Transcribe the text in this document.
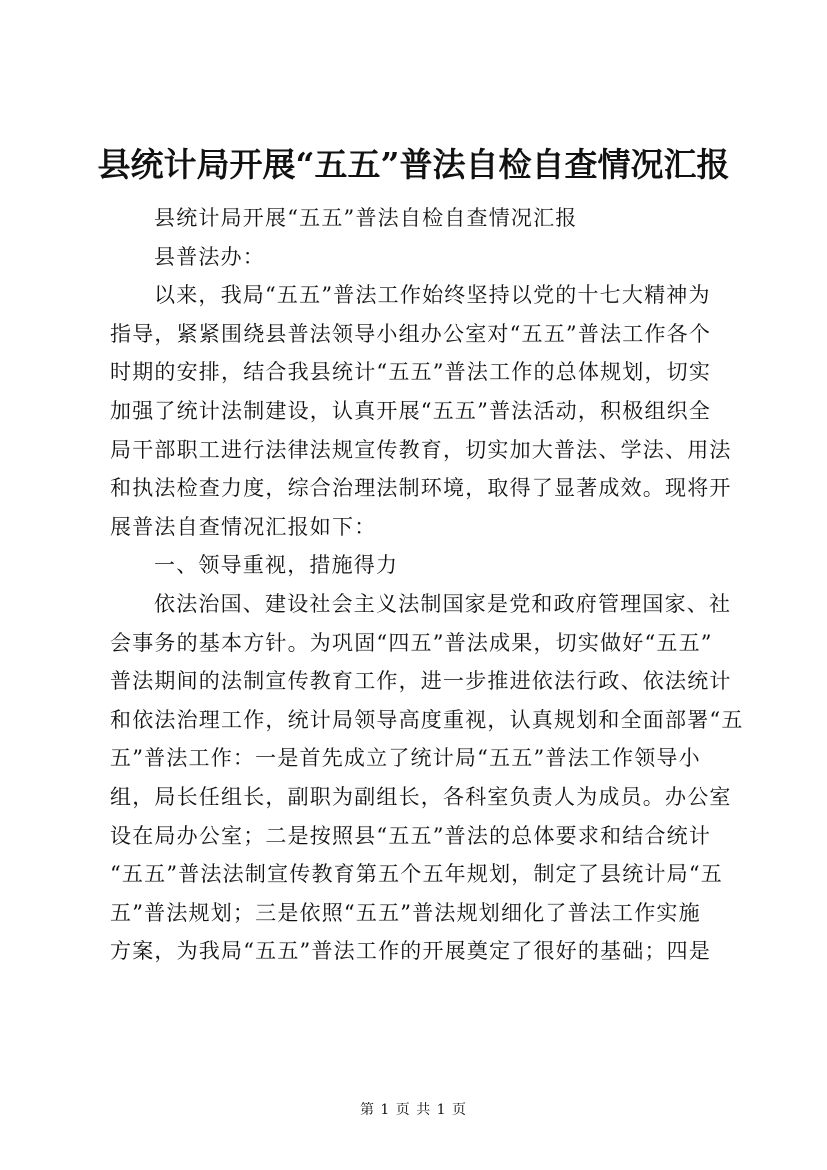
县统计局开展“五五”普法自检自查情况汇报

县统计局开展“五五”普法自检自查情况汇报

县普法办：

以来，我局“五五”普法工作始终坚持以党的十七大精神为

指导，紧紧围绕县普法领导小组办公室对“五五”普法工作各个

时期的安排，结合我县统计“五五”普法工作的总体规划，切实

加强了统计法制建设，认真开展“五五”普法活动，积极组织全

局干部职工进行法律法规宣传教育，切实加大普法、学法、用法

和执法检查力度，综合治理法制环境，取得了显著成效。现将开

展普法自查情况汇报如下：

一、领导重视，措施得力

依法治国、建设社会主义法制国家是党和政府管理国家、社

会事务的基本方针。为巩固“四五”普法成果，切实做好“五五”

普法期间的法制宣传教育工作，进一步推进依法行政、依法统计

和依法治理工作，统计局领导高度重视，认真规划和全面部署“五

五”普法工作：一是首先成立了统计局“五五”普法工作领导小

组，局长任组长，副职为副组长，各科室负责人为成员。办公室

设在局办公室；二是按照县“五五”普法的总体要求和结合统计

“五五”普法法制宣传教育第五个五年规划，制定了县统计局“五

五”普法规划；三是依照“五五”普法规划细化了普法工作实施

方案，为我局“五五”普法工作的开展奠定了很好的基础；四是

第 1 页 共 1 页
